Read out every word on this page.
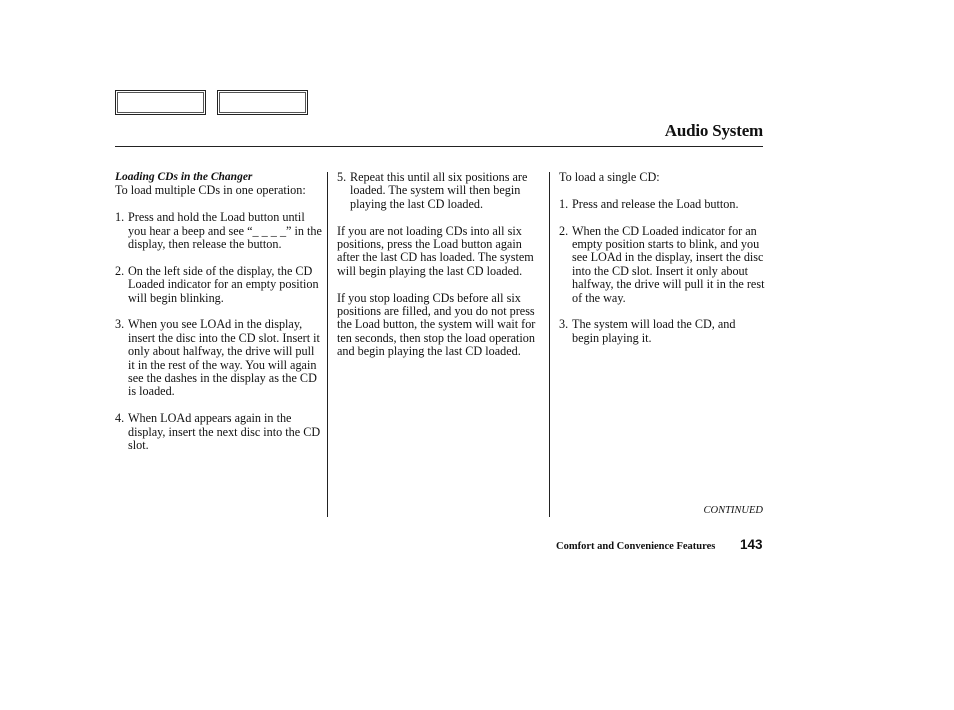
Audio System
Loading CDs in the Changer

To load multiple CDs in one operation:

1. Press and hold the Load button until you hear a beep and see “_ _ _ _” in the display, then release the button.
2. On the left side of the display, the CD Loaded indicator for an empty position will begin blinking.
3. When you see LOAd in the display, insert the disc into the CD slot. Insert it only about halfway, the drive will pull it in the rest of the way. You will again see the dashes in the display as the CD is loaded.
4. When LOAd appears again in the display, insert the next disc into the CD slot.
5. Repeat this until all six positions are loaded. The system will then begin playing the last CD loaded.

If you are not loading CDs into all six positions, press the Load button again after the last CD has loaded. The system will begin playing the last CD loaded.

If you stop loading CDs before all six positions are filled, and you do not press the Load button, the system will wait for ten seconds, then stop the load operation and begin playing the last CD loaded.

To load a single CD:

1. Press and release the Load button.
2. When the CD Loaded indicator for an empty position starts to blink, and you see LOAd in the display, insert the disc into the CD slot. Insert it only about halfway, the drive will pull it in the rest of the way.
3. The system will load the CD, and begin playing it.
CONTINUED
Comfort and Convenience Features 143
